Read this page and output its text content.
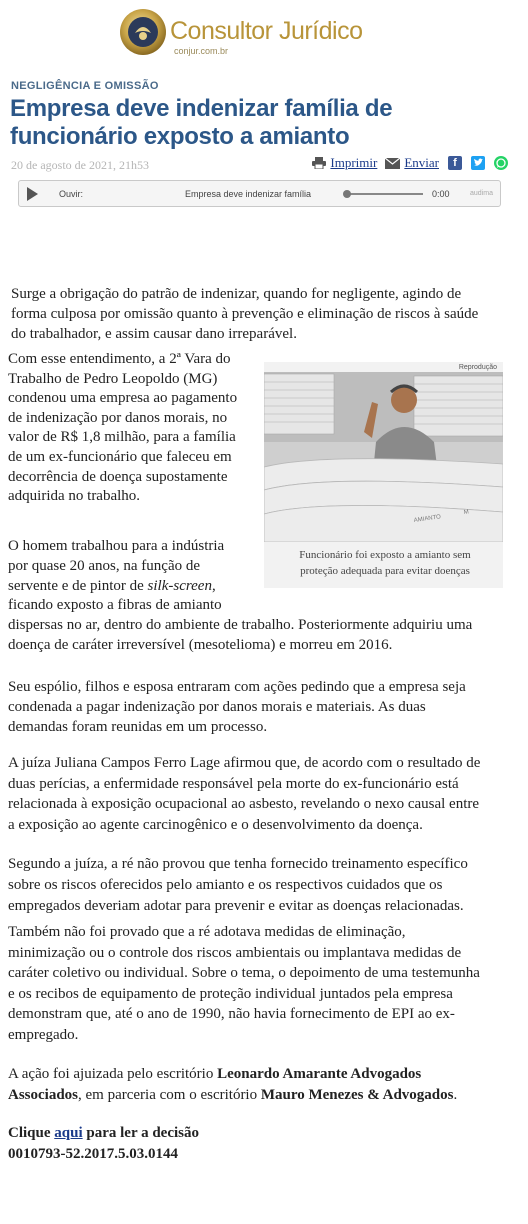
Consultor Jurídico
conjur.com.br
NEGLIGÊNCIA E OMISSÃO
Empresa deve indenizar família de
funcionário exposto a amianto
20 de agosto de 2021, 21h53	Imprimir Enviar	f
Ouvir:	Empresa deve indenizar família	0:00	audima
Surge a obrigação do patrão de indenizar, quando for negligente, agindo de
forma culposa por omissão quanto à prevenção e eliminação de riscos à saúde
do trabalhador, e assim causar dano irreparável.
Com esse entendimento, a 2ª Vara do
Trabalho de Pedro Leopoldo (MG)
condenou uma empresa ao pagamento
de indenização por danos morais, no
valor de R$ 1,8 milhão, para a família
de um ex-funcionário que faleceu em
decorrência de doença supostamente
adquirida no trabalho.
Reprodução
AMIANTO
M
Funcionário foi exposto a amianto sem
proteção adequada para evitar doenças
O homem trabalhou para a indústria
por quase 20 anos, na função de
servente e de pintor de silk-screen,
ficando exposto a fibras de amianto
dispersas no ar, dentro do ambiente de trabalho. Posteriormente adquiriu uma
doença de caráter irreversível (mesotelioma) e morreu em 2016.
Seu espólio, filhos e esposa entraram com ações pedindo que a empresa seja
condenada a pagar indenização por danos morais e materiais. As duas
demandas foram reunidas em um processo.
A juíza Juliana Campos Ferro Lage afirmou que, de acordo com o resultado de
duas perícias, a enfermidade responsável pela morte do ex-funcionário está
relacionada à exposição ocupacional ao asbesto, revelando o nexo causal entre
a exposição ao agente carcinogênico e o desenvolvimento da doença.
Segundo a juíza, a ré não provou que tenha fornecido treinamento específico
sobre os riscos oferecidos pelo amianto e os respectivos cuidados que os
empregados deveriam adotar para prevenir e evitar as doenças relacionadas.
Também não foi provado que a ré adotava medidas de eliminação,
minimização ou o controle dos riscos ambientais ou implantava medidas de
caráter coletivo ou individual. Sobre o tema, o depoimento de uma testemunha
e os recibos de equipamento de proteção individual juntados pela empresa
demonstram que, até o ano de 1990, não havia fornecimento de EPI ao ex-
empregado.
A ação foi ajuizada pelo escritório Leonardo Amarante Advogados
Associados, em parceria com o escritório Mauro Menezes & Advogados.
Clique aqui para ler a decisão
0010793-52.2017.5.03.0144
